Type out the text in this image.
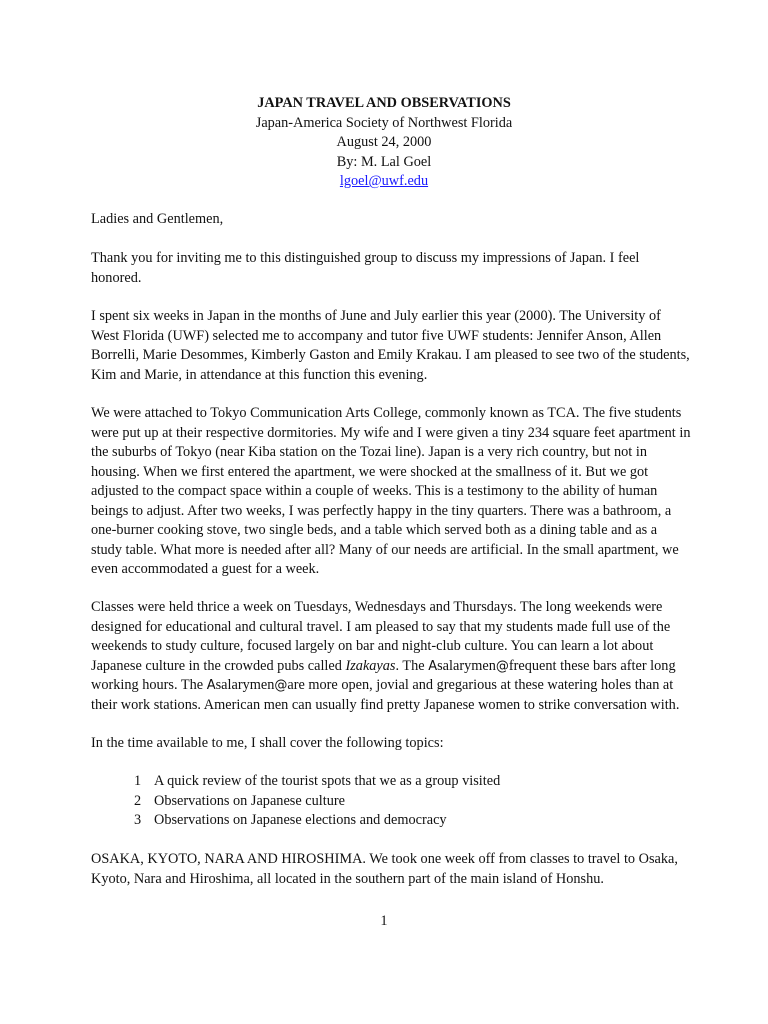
JAPAN TRAVEL AND OBSERVATIONS
Japan-America Society of Northwest Florida
August 24, 2000
By: M. Lal Goel
lgoel@uwf.edu

Ladies and Gentlemen,

Thank you for inviting me to this distinguished group to discuss my impressions of Japan. I feel honored.

I spent six weeks in Japan in the months of June and July earlier this year (2000). The University of West Florida (UWF) selected me to accompany and tutor five UWF students: Jennifer Anson, Allen Borrelli, Marie Desommes, Kimberly Gaston and Emily Krakau. I am pleased to see two of the students, Kim and Marie, in attendance at this function this evening.

We were attached to Tokyo Communication Arts College, commonly known as TCA. The five students were put up at their respective dormitories. My wife and I were given a tiny 234 square feet apartment in the suburbs of Tokyo (near Kiba station on the Tozai line). Japan is a very rich country, but not in housing. When we first entered the apartment, we were shocked at the smallness of it. But we got adjusted to the compact space within a couple of weeks. This is a testimony to the ability of human beings to adjust. After two weeks, I was perfectly happy in the tiny quarters. There was a bathroom, a one-burner cooking stove, two single beds, and a table which served both as a dining table and as a study table. What more is needed after all? Many of our needs are artificial. In the small apartment, we even accommodated a guest for a week.

Classes were held thrice a week on Tuesdays, Wednesdays and Thursdays. The long weekends were designed for educational and cultural travel. I am pleased to say that my students made full use of the weekends to study culture, focused largely on bar and night-club culture. You can learn a lot about Japanese culture in the crowded pubs called Izakayas. The Asalarymen@frequent these bars after long working hours. The Asalarymen@are more open, jovial and gregarious at these watering holes than at their work stations. American men can usually find pretty Japanese women to strike conversation with.

In the time available to me, I shall cover the following topics:

1 A quick review of the tourist spots that we as a group visited
2 Observations on Japanese culture
3 Observations on Japanese elections and democracy

OSAKA, KYOTO, NARA AND HIROSHIMA. We took one week off from classes to travel to Osaka, Kyoto, Nara and Hiroshima, all located in the southern part of the main island of Honshu.

1
